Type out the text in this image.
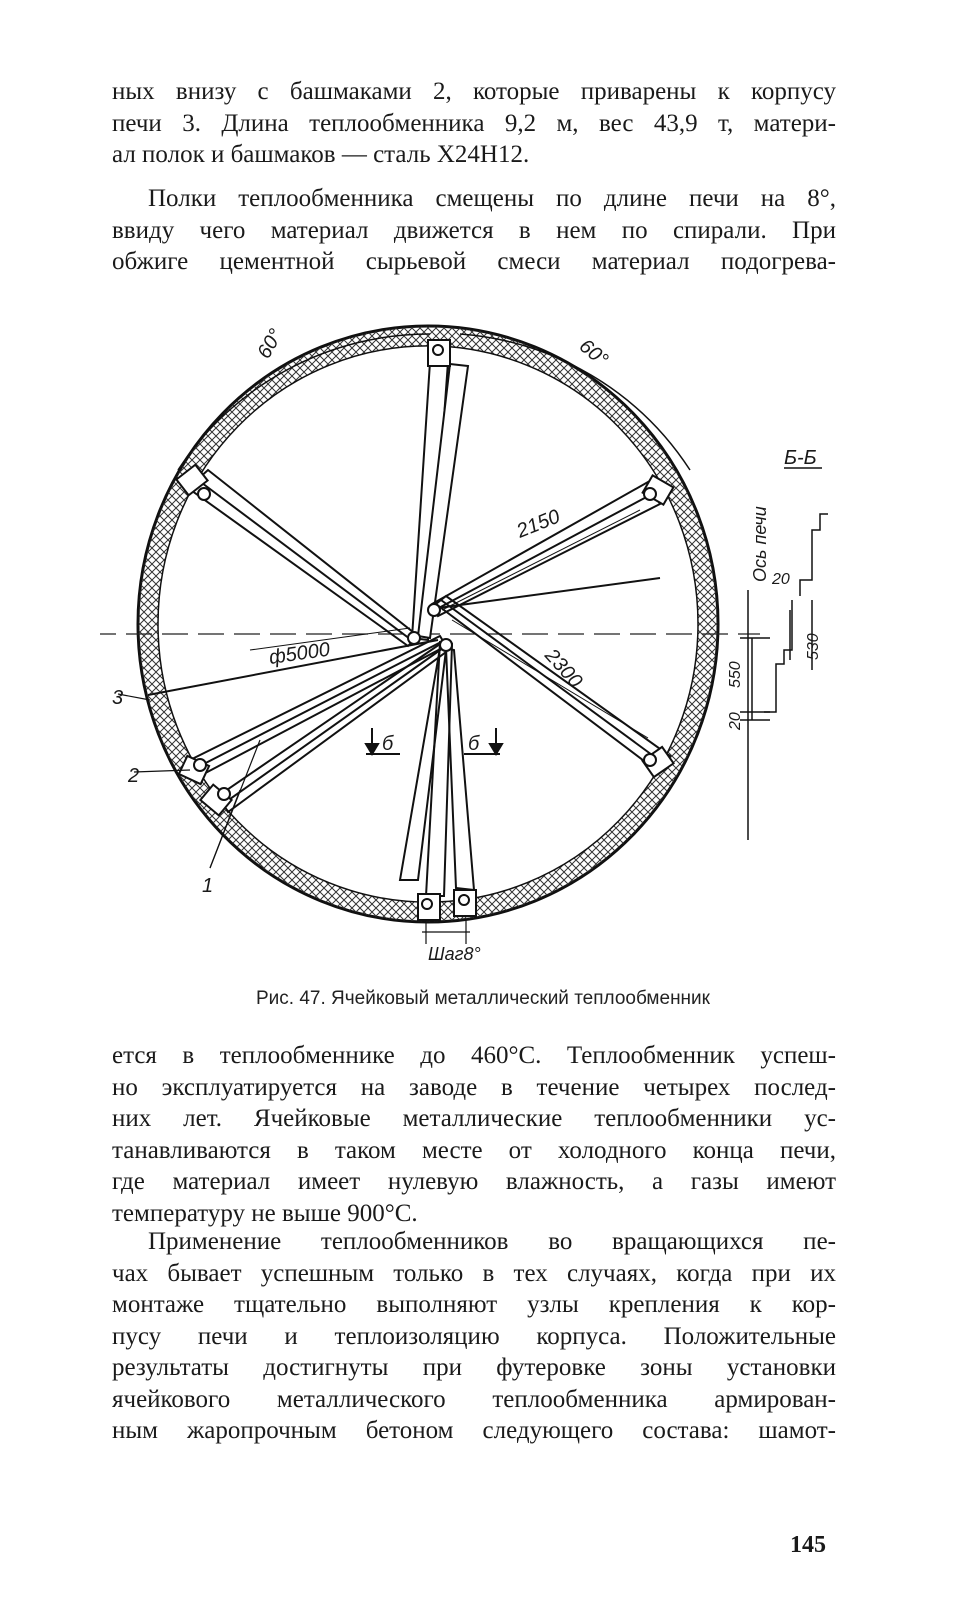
ных внизу с башмаками 2, которые приварены к корпусу
печи 3. Длина теплообменника 9,2 м, вес 43,9 т, матери-
ал полок и башмаков — сталь Х24Н12.
Полки теплообменника смещены по длине печи на 8°,
ввиду чего материал движется в нем по спирали. При
обжиге цементной сырьевой смеси материал подогрева-
60°	60°
2150
2300
ф5000
б	б
Шаг8°
1
2
3
Б-Б
Ось печи 20
530
550
20
Рис. 47. Ячейковый металлический теплообменник
ется в теплообменнике до 460°С. Теплообменник успеш-
но эксплуатируется на заводе в течение четырех послед-
них лет. Ячейковые металлические теплообменники ус-
танавливаются в таком месте от холодного конца печи,
где материал имеет нулевую влажность, а газы имеют
температуру не выше 900°С.
Применение теплообменников во вращающихся пе-
чах бывает успешным только в тех случаях, когда при их
монтаже тщательно выполняют узлы крепления к кор-
пусу печи и теплоизоляцию корпуса. Положительные
результаты достигнуты при футеровке зоны установки
ячейкового металлического теплообменника армирован-
ным жаропрочным бетоном следующего состава: шамот-
145
